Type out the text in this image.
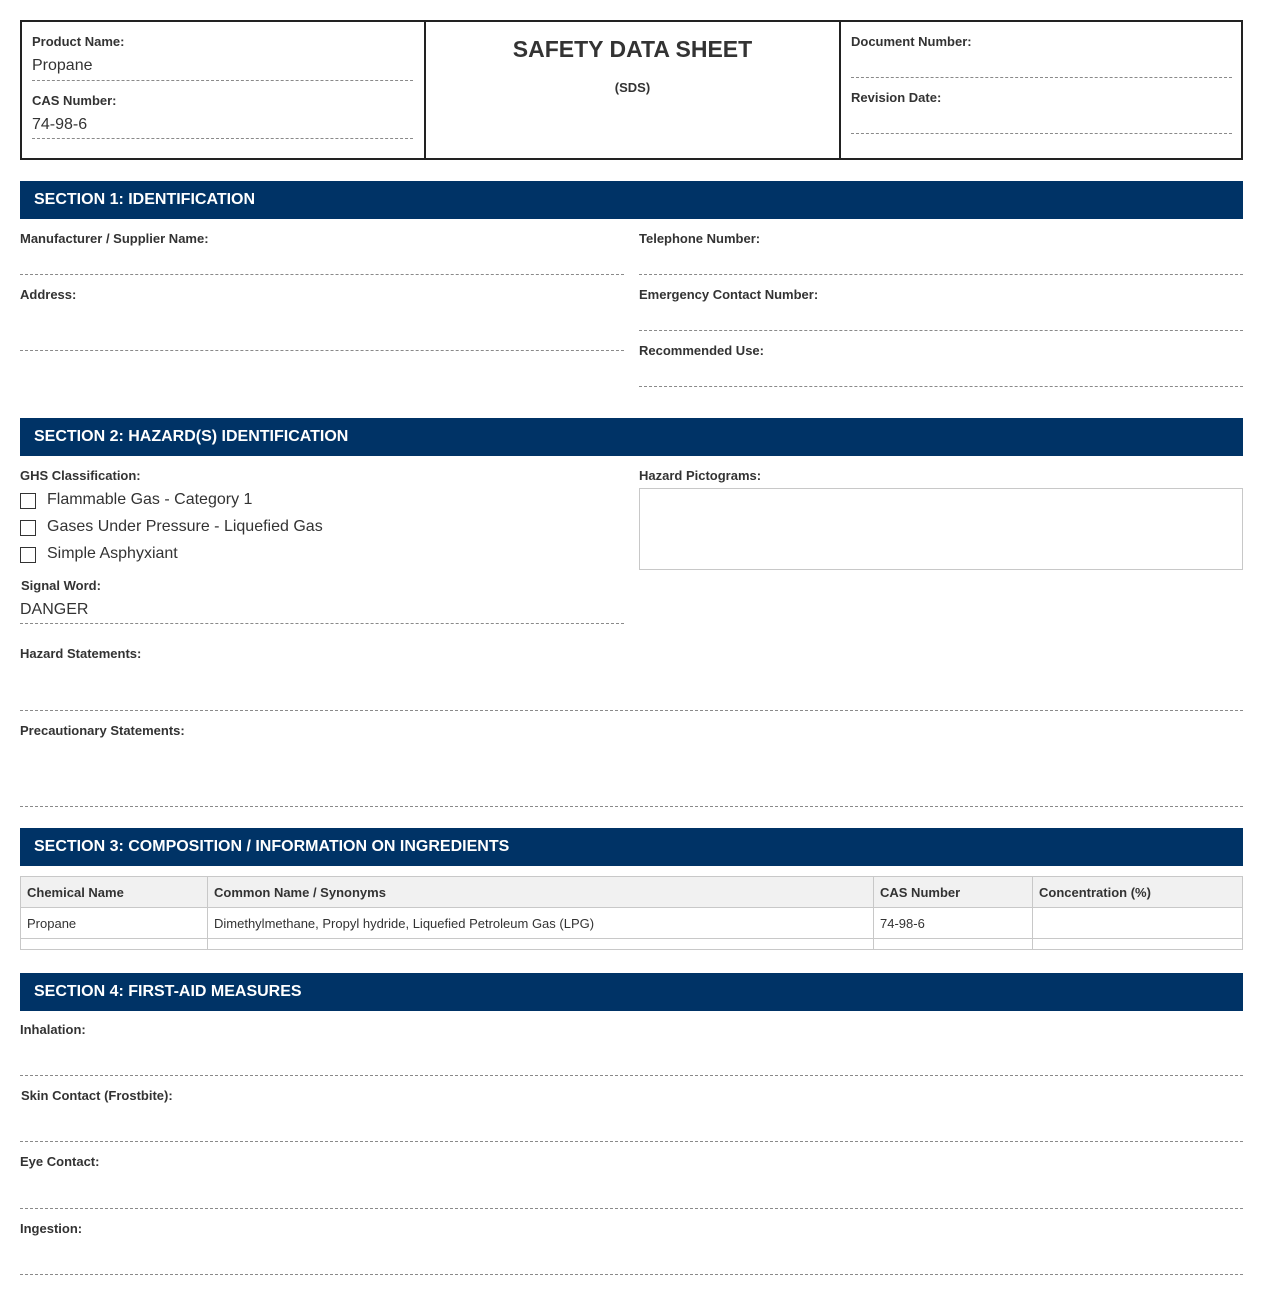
Product Name:
Propane
CAS Number:
74-98-6
SAFETY DATA SHEET
(SDS)
Document Number:
Revision Date:
SECTION 1: IDENTIFICATION
Manufacturer / Supplier Name:
Address:
Telephone Number:
Emergency Contact Number:
Recommended Use:
SECTION 2: HAZARD(S) IDENTIFICATION
GHS Classification:
Flammable Gas - Category 1
Gases Under Pressure - Liquefied Gas
Simple Asphyxiant
Signal Word:
DANGER
Hazard Pictograms:
Hazard Statements:
Precautionary Statements:
SECTION 3: COMPOSITION / INFORMATION ON INGREDIENTS
Chemical Name	Common Name / Synonyms	CAS Number	Concentration (%)
Propane	Dimethylmethane, Propyl hydride, Liquefied Petroleum Gas (LPG)	74-98-6	

SECTION 4: FIRST-AID MEASURES
Inhalation:
Skin Contact (Frostbite):
Eye Contact:
Ingestion:
